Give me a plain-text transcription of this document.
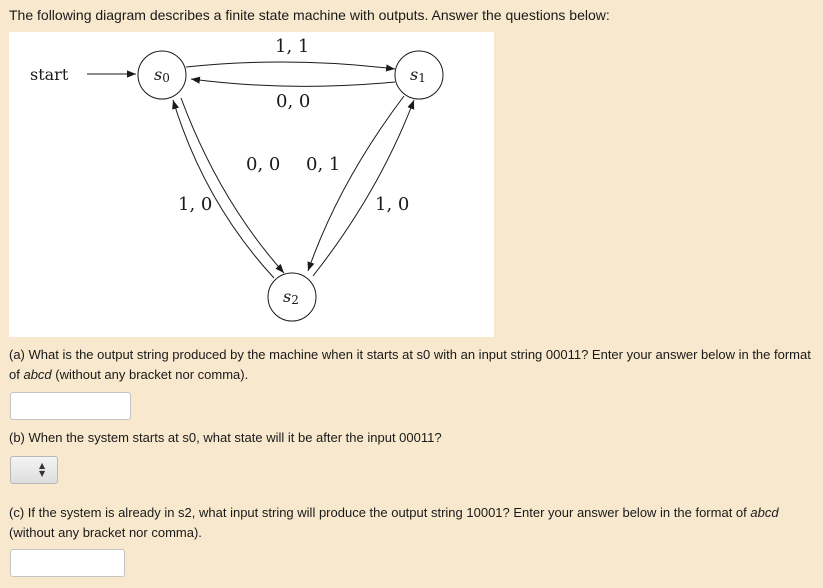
The following diagram describes a finite state machine with outputs. Answer the questions below:
start	s0	s1
s2
1, 1
0, 0
0, 0 0, 1
1, 0	1, 0
(a) What is the output string produced by the machine when it starts at s0 with an input string 00011? Enter your answer below in the format of abcd (without any bracket nor comma).
(b) When the system starts at s0, what state will it be after the input 00011?
▲
▼
(c) If the system is already in s2, what input string will produce the output string 10001? Enter your answer below in the format of abcd (without any bracket nor comma).
